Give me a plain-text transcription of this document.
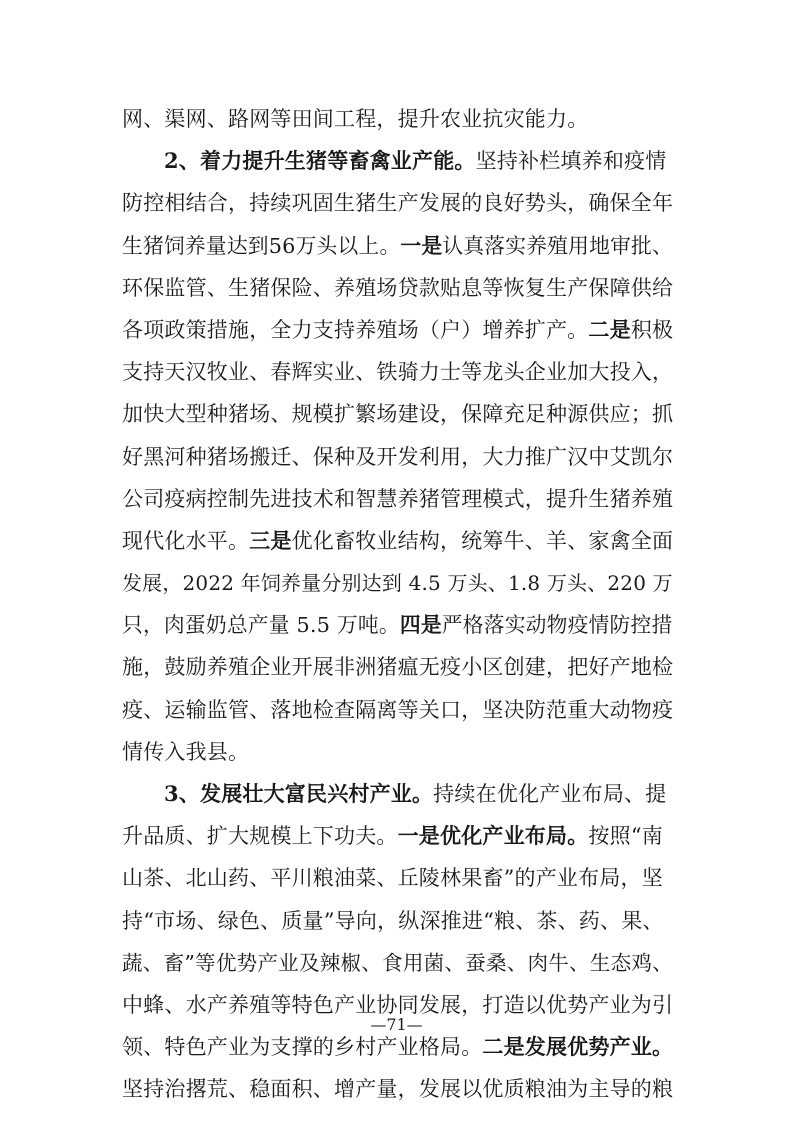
网、渠网、路网等田间工程，提升农业抗灾能力。
2、着力提升生猪等畜禽业产能。坚持补栏填养和疫情
防控相结合，持续巩固生猪生产发展的良好势头，确保全年
生猪饲养量达到56万头以上。一是认真落实养殖用地审批、
环保监管、生猪保险、养殖场贷款贴息等恢复生产保障供给
各项政策措施，全力支持养殖场（户）增养扩产。二是积极
支持天汉牧业、春辉实业、铁骑力士等龙头企业加大投入，
加快大型种猪场、规模扩繁场建设，保障充足种源供应；抓
好黑河种猪场搬迁、保种及开发利用，大力推广汉中艾凯尔
公司疫病控制先进技术和智慧养猪管理模式，提升生猪养殖
现代化水平。三是优化畜牧业结构，统筹牛、羊、家禽全面
发展，2022 年饲养量分别达到 4.5 万头、1.8 万头、220 万
只，肉蛋奶总产量 5.5 万吨。四是严格落实动物疫情防控措
施，鼓励养殖企业开展非洲猪瘟无疫小区创建，把好产地检
疫、运输监管、落地检查隔离等关口，坚决防范重大动物疫
情传入我县。
3、发展壮大富民兴村产业。持续在优化产业布局、提
升品质、扩大规模上下功夫。一是优化产业布局。按照“南
山茶、北山药、平川粮油菜、丘陵林果畜”的产业布局，坚
持“市场、绿色、质量”导向，纵深推进“粮、茶、药、果、
蔬、畜”等优势产业及辣椒、食用菌、蚕桑、肉牛、生态鸡、
中蜂、水产养殖等特色产业协同发展，打造以优势产业为引
领、特色产业为支撑的乡村产业格局。二是发展优势产业。
坚持治撂荒、稳面积、增产量，发展以优质粮油为主导的粮
—71—
